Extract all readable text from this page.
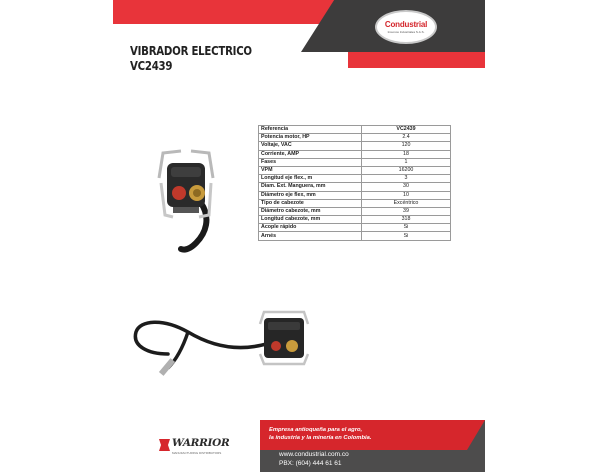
Condustrial
Insumos Industriales S.A.S.
VIBRADOR ELECTRICO
VC2439
Referencia	VC2439
Potencia motor, HP	2.4
Voltaje, VAC	120
Corriente, AMP	18
Fases	1
VPM	16200
Longitud eje flex., m	3
Diam. Ext. Manguera, mm	30
Diámetro eje flex, mm	10
Tipo de cabezote	Excéntrico
Diámetro cabezote, mm	39
Longitud cabezote, mm	318
Acople rápido	Si
Arnés	Si
WARRIOR
MANUFACTURING DISTRIBUTORS
Empresa antioqueña para el agro,
la industria y la minería en Colombia.
www.condustrial.com.co
PBX: (604) 444 61 61
